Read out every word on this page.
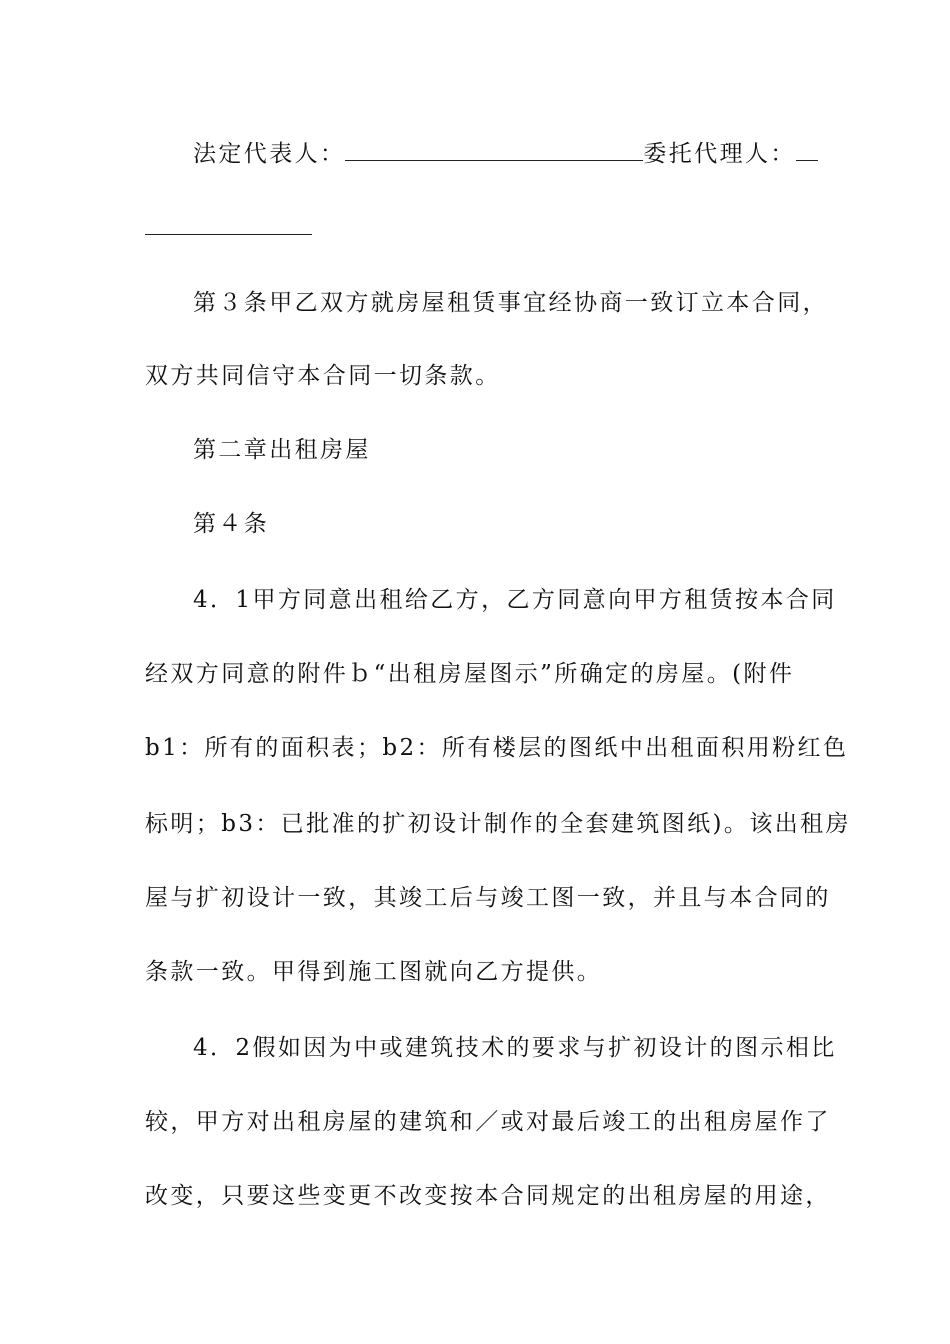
法定代表人：	委托代理人：
第３条甲乙双方就房屋租赁事宜经协商一致订立本合同，
双方共同信守本合同一切条款。
第二章出租房屋
第４条
4．1甲方同意出租给乙方，乙方同意向甲方租赁按本合同
经双方同意的附件ｂ“出租房屋图示”所确定的房屋。(附件
b1：所有的面积表；b2：所有楼层的图纸中出租面积用粉红色
标明；b3：已批准的扩初设计制作的全套建筑图纸)。该出租房
屋与扩初设计一致，其竣工后与竣工图一致，并且与本合同的
条款一致。甲得到施工图就向乙方提供。
4．2假如因为中或建筑技术的要求与扩初设计的图示相比
较，甲方对出租房屋的建筑和／或对最后竣工的出租房屋作了
改变，只要这些变更不改变按本合同规定的出租房屋的用途，
